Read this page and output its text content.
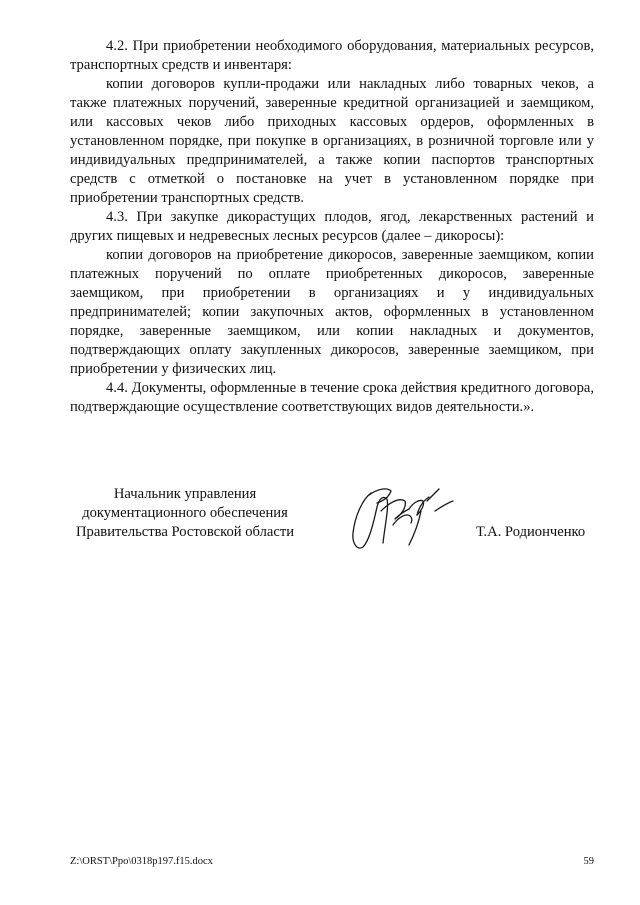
4.2. При приобретении необходимого оборудования, материальных ресурсов, транспортных средств и инвентаря:

копии договоров купли-продажи или накладных либо товарных чеков, а также платежных поручений, заверенные кредитной организацией и заемщиком, или кассовых чеков либо приходных кассовых ордеров, оформленных в установленном порядке, при покупке в организациях, в розничной торговле или у индивидуальных предпринимателей, а также копии паспортов транспортных средств с отметкой о постановке на учет в установленном порядке при приобретении транспортных средств.

4.3. При закупке дикорастущих плодов, ягод, лекарственных растений и других пищевых и недревесных лесных ресурсов (далее – дикоросы):

копии договоров на приобретение дикоросов, заверенные заемщиком, копии платежных поручений по оплате приобретенных дикоросов, заверенные заемщиком, при приобретении в организациях и у индивидуальных предпринимателей; копии закупочных актов, оформленных в установленном порядке, заверенные заемщиком, или копии накладных и документов, подтверждающих оплату закупленных дикоросов, заверенные заемщиком, при приобретении у физических лиц.

4.4. Документы, оформленные в течение срока действия кредитного договора, подтверждающие осуществление соответствующих видов деятельности.».

Начальник управления
документационного обеспечения
Правительства Ростовской области	Т.А. Родионченко
Z:\ORST\Ppo\0318p197.f15.docx	59
